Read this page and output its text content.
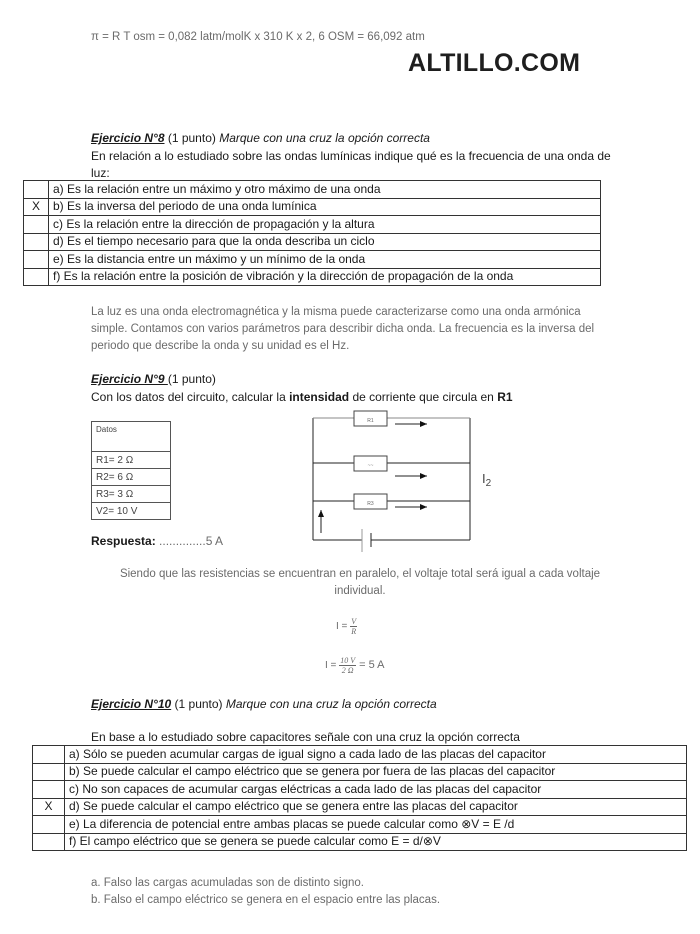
π = R T osm = 0,082 latm/molK x 310 K x 2, 6 OSM = 66,092 atm
ALTILLO.COM
Ejercicio N°8 (1 punto) Marque con una cruz la opción correcta
En relación a lo estudiado sobre las ondas lumínicas indique qué es la frecuencia de una onda de
luz:
	a) Es la relación entre un máximo y otro máximo de una onda
X	b) Es la inversa del periodo de una onda lumínica
	c) Es la relación entre la dirección de propagación y la altura
	d) Es el tiempo necesario para que la onda describa un ciclo
	e) Es la distancia entre un máximo y un mínimo de la onda
	f) Es la relación entre la posición de vibración y la dirección de propagación de la onda
La luz es una onda electromagnética y la misma puede caracterizarse como una onda armónica
simple. Contamos con varios parámetros para describir dicha onda. La frecuencia es la inversa del
periodo que describe la onda y su unidad es el Hz.
Ejercicio N°9 (1 punto)
Con los datos del circuito, calcular la intensidad de corriente que circula en R1
Datos
R1= 2 Ω
R2= 6 Ω
R3= 3 Ω
V2= 10 V
Respuesta: ..............5 A
R1
~~
R3
$I_2$
Siendo que las resistencias se encuentran en paralelo, el voltaje total será igual a cada voltaje
individual.
$I = \frac{V}{R}$
$I = \frac{10 V}{2 \Omega} = 5$ A
Ejercicio N°10 (1 punto) Marque con una cruz la opción correcta
En base a lo estudiado sobre capacitores señale con una cruz la opción correcta
	a) Sólo se pueden acumular cargas de igual signo a cada lado de las placas del capacitor
	b) Se puede calcular el campo eléctrico que se genera por fuera de las placas del capacitor
	c) No son capaces de acumular cargas eléctricas a cada lado de las placas del capacitor
X	d) Se puede calcular el campo eléctrico que se genera entre las placas del capacitor
	e) La diferencia de potencial entre ambas placas se puede calcular como ⊗V = E /d
	f) El campo eléctrico que se genera se puede calcular como E = d/⊗V
a. Falso las cargas acumuladas son de distinto signo.
b. Falso el campo eléctrico se genera en el espacio entre las placas.
